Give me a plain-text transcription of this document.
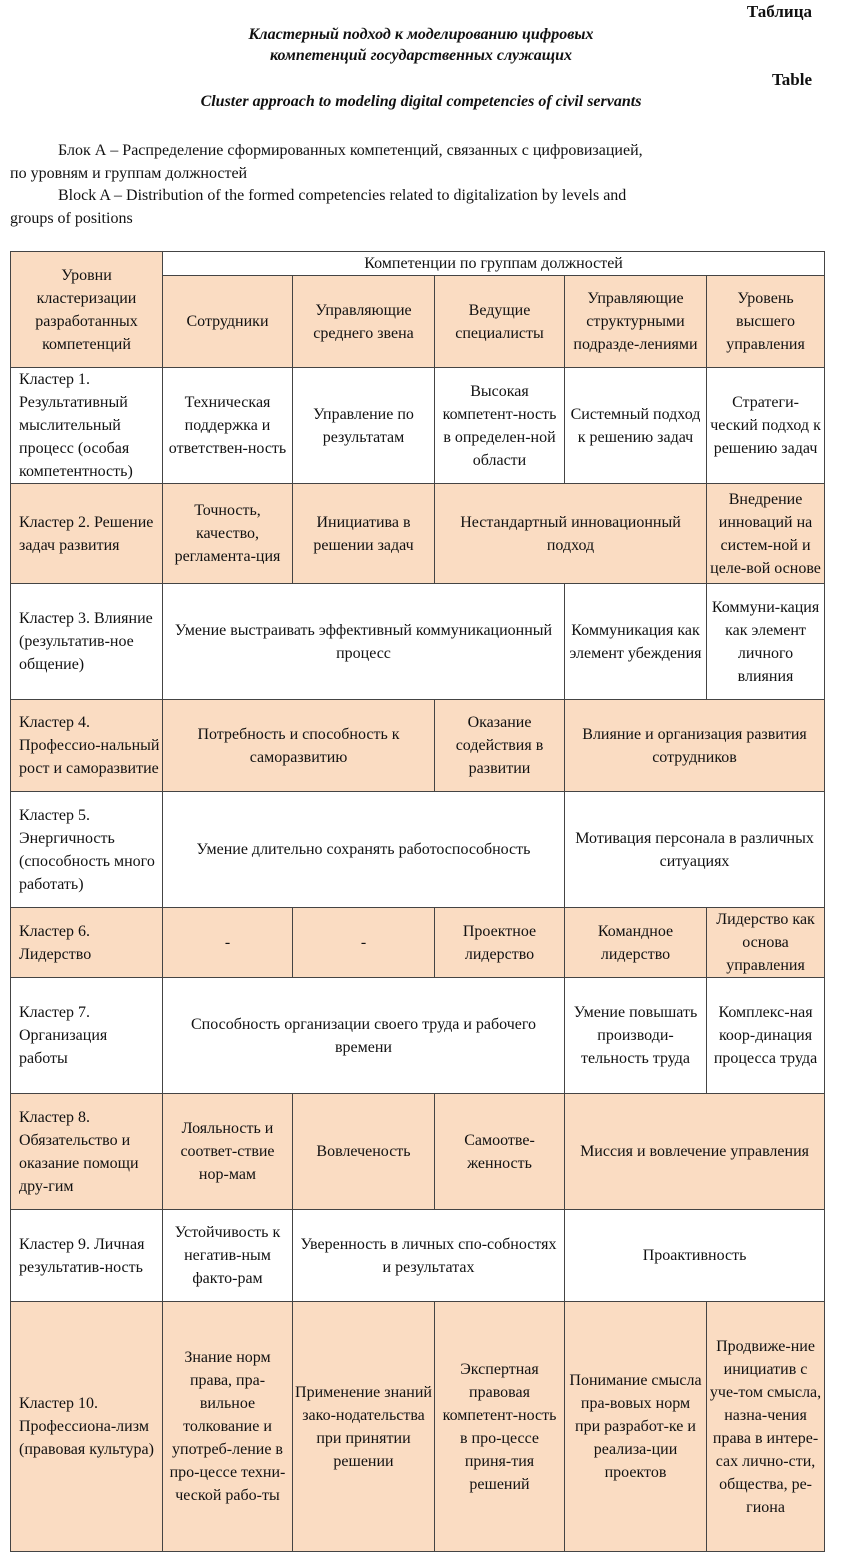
Таблица
Кластерный подход к моделированию цифровых
компетенций государственных служащих
Table
Cluster approach to modeling digital competencies of civil servants
Блок А – Распределение сформированных компетенций, связанных с цифровизацией,
по уровням и группам должностей
Block A – Distribution of the formed competencies related to digitalization by levels and
groups of positions
Уровни кластеризации разработанных компетенций	Компетенции по группам должностей				
	Сотрудники	Управляющие среднего звена	Ведущие специалисты	Управляющие структурными подразде-лениями	Уровень высшего управления
Кластер 1. Результативный мыслительный процесс (особая компетентность)	Техническая поддержка и ответствен-ность	Управление по результатам	Высокая компетент-ность в определен-ной области	Системный подход к решению задач	Стратеги-ческий подход к решению задач
Кластер 2. Решение задач развития	Точность, качество, регламента-ция	Инициатива в решении задач	Нестандартный инновационный подход		Внедрение инноваций на систем-ной и целе-вой основе
Кластер 3. Влияние (результатив-ное общение)	Умение выстраивать эффективный коммуникационный процесс			Коммуникация как элемент убеждения	Коммуни-кация как элемент личного влияния
Кластер 4. Профессио-нальный рост и саморазвитие	Потребность и способность к саморазвитию		Оказание содействия в развитии	Влияние и организация развития сотрудников	
Кластер 5. Энергичность (способность много работать)	Умение длительно сохранять работоспособность			Мотивация персонала в различных ситуациях	
Кластер 6. Лидерство	-	-	Проектное лидерство	Командное лидерство	Лидерство как основа управления
Кластер 7. Организация работы	Способность организации своего труда и рабочего времени			Умение повышать производи-тельность труда	Комплекс-ная коор-динация процесса труда
Кластер 8. Обязательство и оказание помощи дру-гим	Лояльность и соответ-ствие нор-мам	Вовлеченость	Самоотве-женность	Миссия и вовлечение управления	
Кластер 9. Личная результатив-ность	Устойчивость к негатив-ным факто-рам	Уверенность в личных спо-собностях и результатах		Проактивность	
Кластер 10. Профессиона-лизм (правовая культура)	Знание норм права, пра-вильное толкование и употреб-ление в про-цессе техни-ческой рабо-ты	Применение знаний зако-нодательства при принятии решении	Экспертная правовая компетент-ность в про-цессе приня-тия решений	Понимание смысла пра-вовых норм при разработ-ке и реализа-ции проектов	Продвиже-ние инициатив с уче-том смысла, назна-чения права в интере-сах лично-сти, общества, ре-гиона
